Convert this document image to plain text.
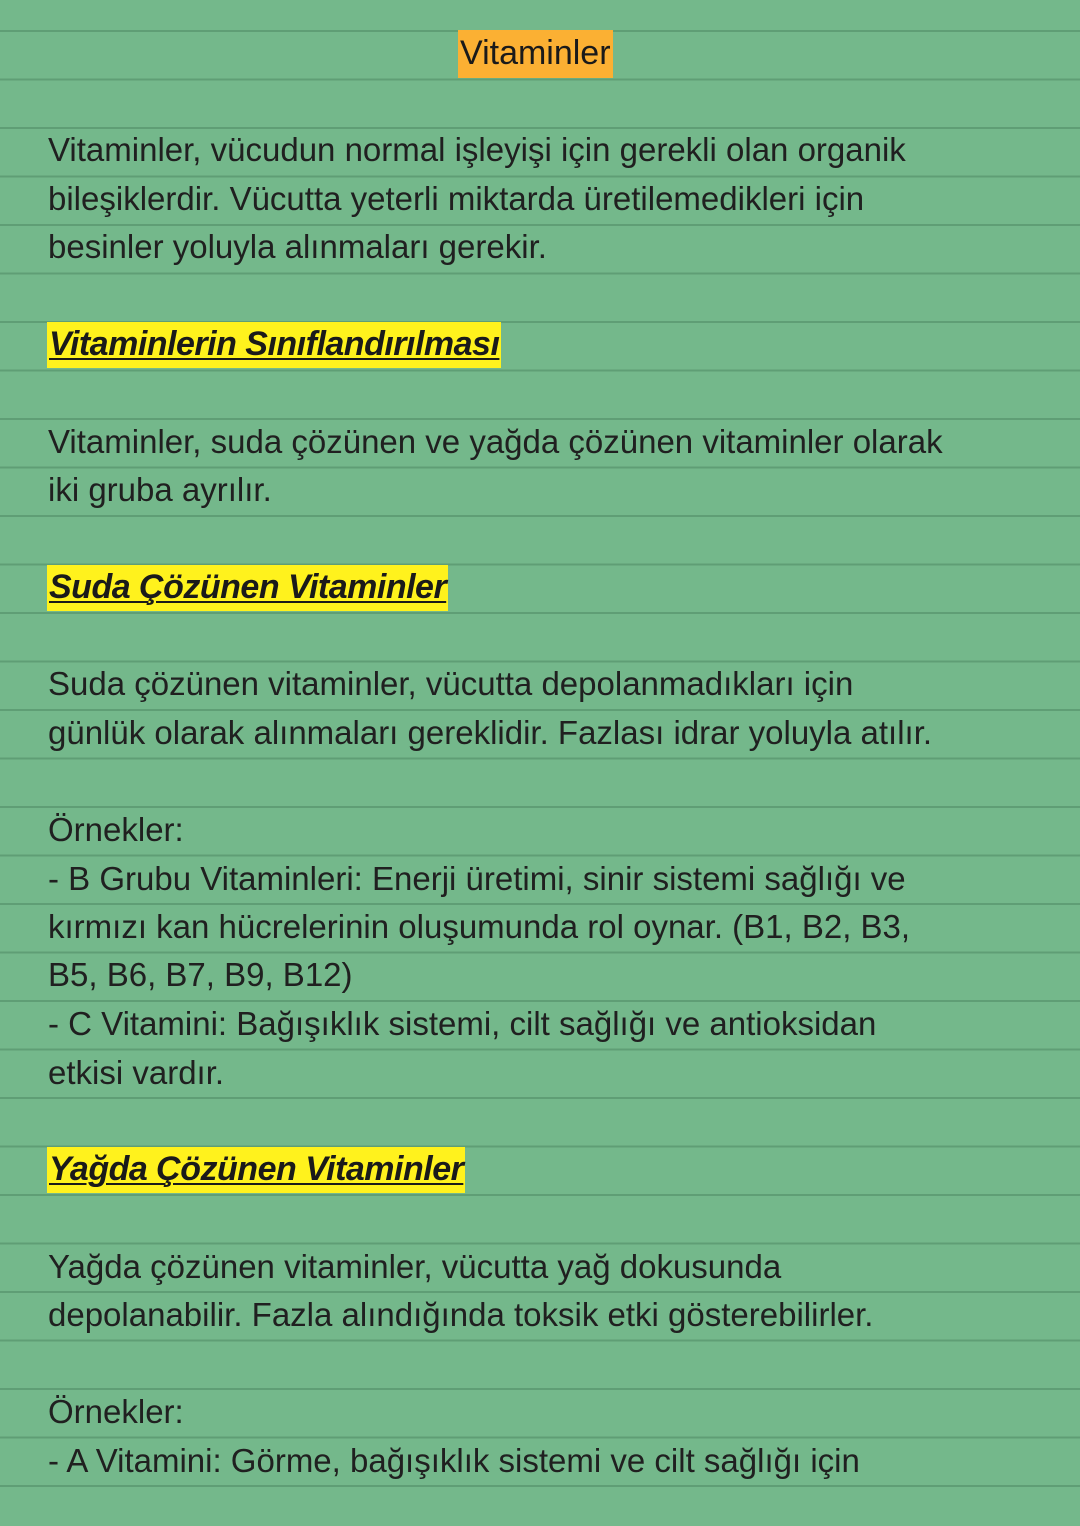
Vitaminler
Vitaminler, vücudun normal işleyişi için gerekli olan organik
bileşiklerdir. Vücutta yeterli miktarda üretilemedikleri için
besinler yoluyla alınmaları gerekir.
Vitaminlerin Sınıflandırılması
Vitaminler, suda çözünen ve yağda çözünen vitaminler olarak
iki gruba ayrılır.
Suda Çözünen Vitaminler
Suda çözünen vitaminler, vücutta depolanmadıkları için
günlük olarak alınmaları gereklidir. Fazlası idrar yoluyla atılır.
Örnekler:
- B Grubu Vitaminleri: Enerji üretimi, sinir sistemi sağlığı ve
kırmızı kan hücrelerinin oluşumunda rol oynar. (B1, B2, B3,
B5, B6, B7, B9, B12)
- C Vitamini: Bağışıklık sistemi, cilt sağlığı ve antioksidan
etkisi vardır.
Yağda Çözünen Vitaminler
Yağda çözünen vitaminler, vücutta yağ dokusunda
depolanabilir. Fazla alındığında toksik etki gösterebilirler.
Örnekler:
- A Vitamini: Görme, bağışıklık sistemi ve cilt sağlığı için
